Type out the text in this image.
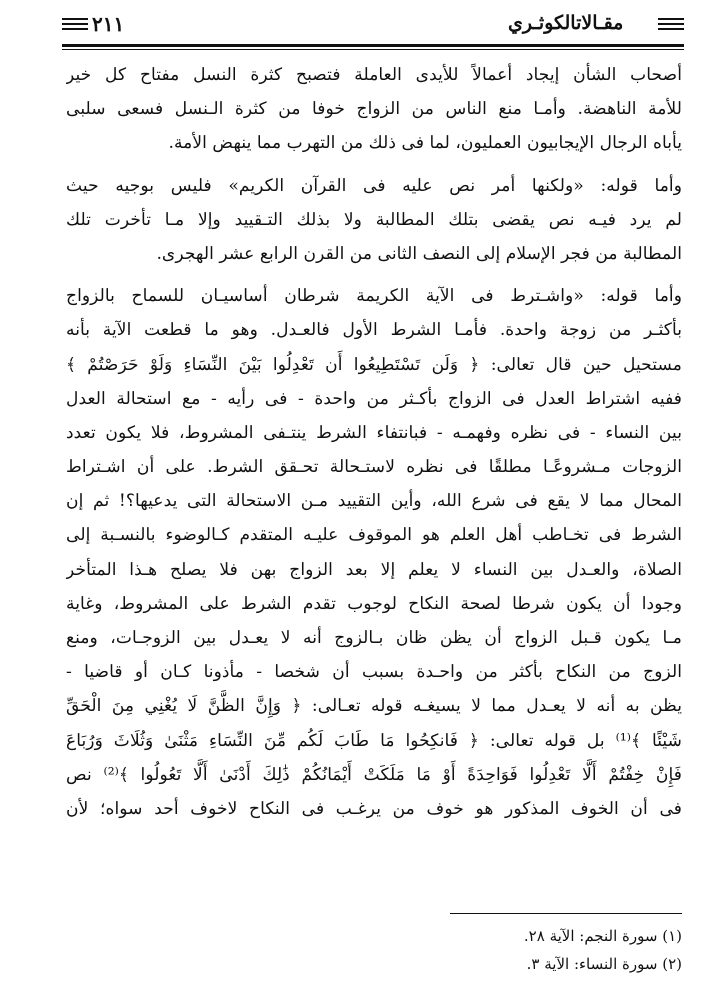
٢١١	مقـالاتالكوثـري
أصحاب الشأن إيجاد أعمالاً للأيدى العاملة فتصبح كثرة النسل مفتاح كل خير
للأمة الناهضة. وأمـا منع الناس من الزواج خوفا من كثرة الـنسل فسعى سلبى
يأباه الرجال الإيجابيون العمليون، لما فى ذلك من التهرب مما ينهض الأمة.
وأما قوله: «ولكنها أمر نص عليه فى القرآن الكريم» فليس بوجيه حيث
لم يرد فيـه نص يقضى بتلك المطالبة ولا بذلك التـقييد وإلا مـا تأخرت تلك
المطالبة من فجر الإسلام إلى النصف الثانى من القرن الرابع عشر الهجرى.
وأما قوله: «واشـترط فى الآية الكريمة شرطان أساسيـان للسماح بالزواج
بأكثـر من زوجة واحدة. فأمـا الشرط الأول فالعـدل. وهو ما قطعت الآية بأنه
مستحيل حين قال تعالى: ﴿ وَلَن تَسْتَطِيعُوا أَن تَعْدِلُوا بَيْنَ النِّسَاءِ وَلَوْ حَرَصْتُمْ ﴾
ففيه اشتراط العدل فى الزواج بأكـثر من واحدة - فى رأيه - مع استحالة العدل
بين النساء - فى نظره وفهمـه - فبانتفاء الشرط ينتـفى المشروط، فلا يكون تعدد
الزوجات مـشروعًـا مطلقًا فى نظره لاستـحالة تحـقق الشرط. على أن اشـتراط
المحال مما لا يقع فى شرع الله، وأين التقييد مـن الاستحالة التى يدعيها؟! ثم إن
الشرط فى تخـاطب أهل العلم هو الموقوف عليـه المتقدم كـالوضوء بالنسـبة إلى
الصلاة، والعـدل بين النساء لا يعلم إلا بعد الزواج بهن فلا يصلح هـذا المتأخر
وجودا أن يكون شرطا لصحة النكاح لوجوب تقدم الشرط على المشروط، وغاية
مـا يكون قـبل الزواج أن يظن ظان بـالزوج أنه لا يعـدل بين الزوجـات، ومنع
الزوج من النكاح بأكثر من واحـدة بسبب أن شخصا - مأذونا كـان أو قاضيا -
يظن به أنه لا يعـدل مما لا يسيغـه قوله تعـالى: ﴿ وَإِنَّ الظَّنَّ لَا يُغْنِي مِنَ الْحَقِّ
شَيْئًا ﴾⁽¹⁾ بل قوله تعالى: ﴿ فَانكِحُوا مَا طَابَ لَكُم مِّنَ النِّسَاءِ مَثْنَىٰ وَثُلَاثَ وَرُبَاعَ
فَإِنْ خِفْتُمْ أَلَّا تَعْدِلُوا فَوَاحِدَةً أَوْ مَا مَلَكَتْ أَيْمَانُكُمْ ذَٰلِكَ أَدْنَىٰ أَلَّا تَعُولُوا ﴾⁽²⁾ نص
فى أن الخوف المذكور هو خوف من يرغـب فى النكاح لاخوف أحد سواه؛ لأن
(١) سورة النجم: الآية ٢٨.
(٢) سورة النساء: الآية ٣.
